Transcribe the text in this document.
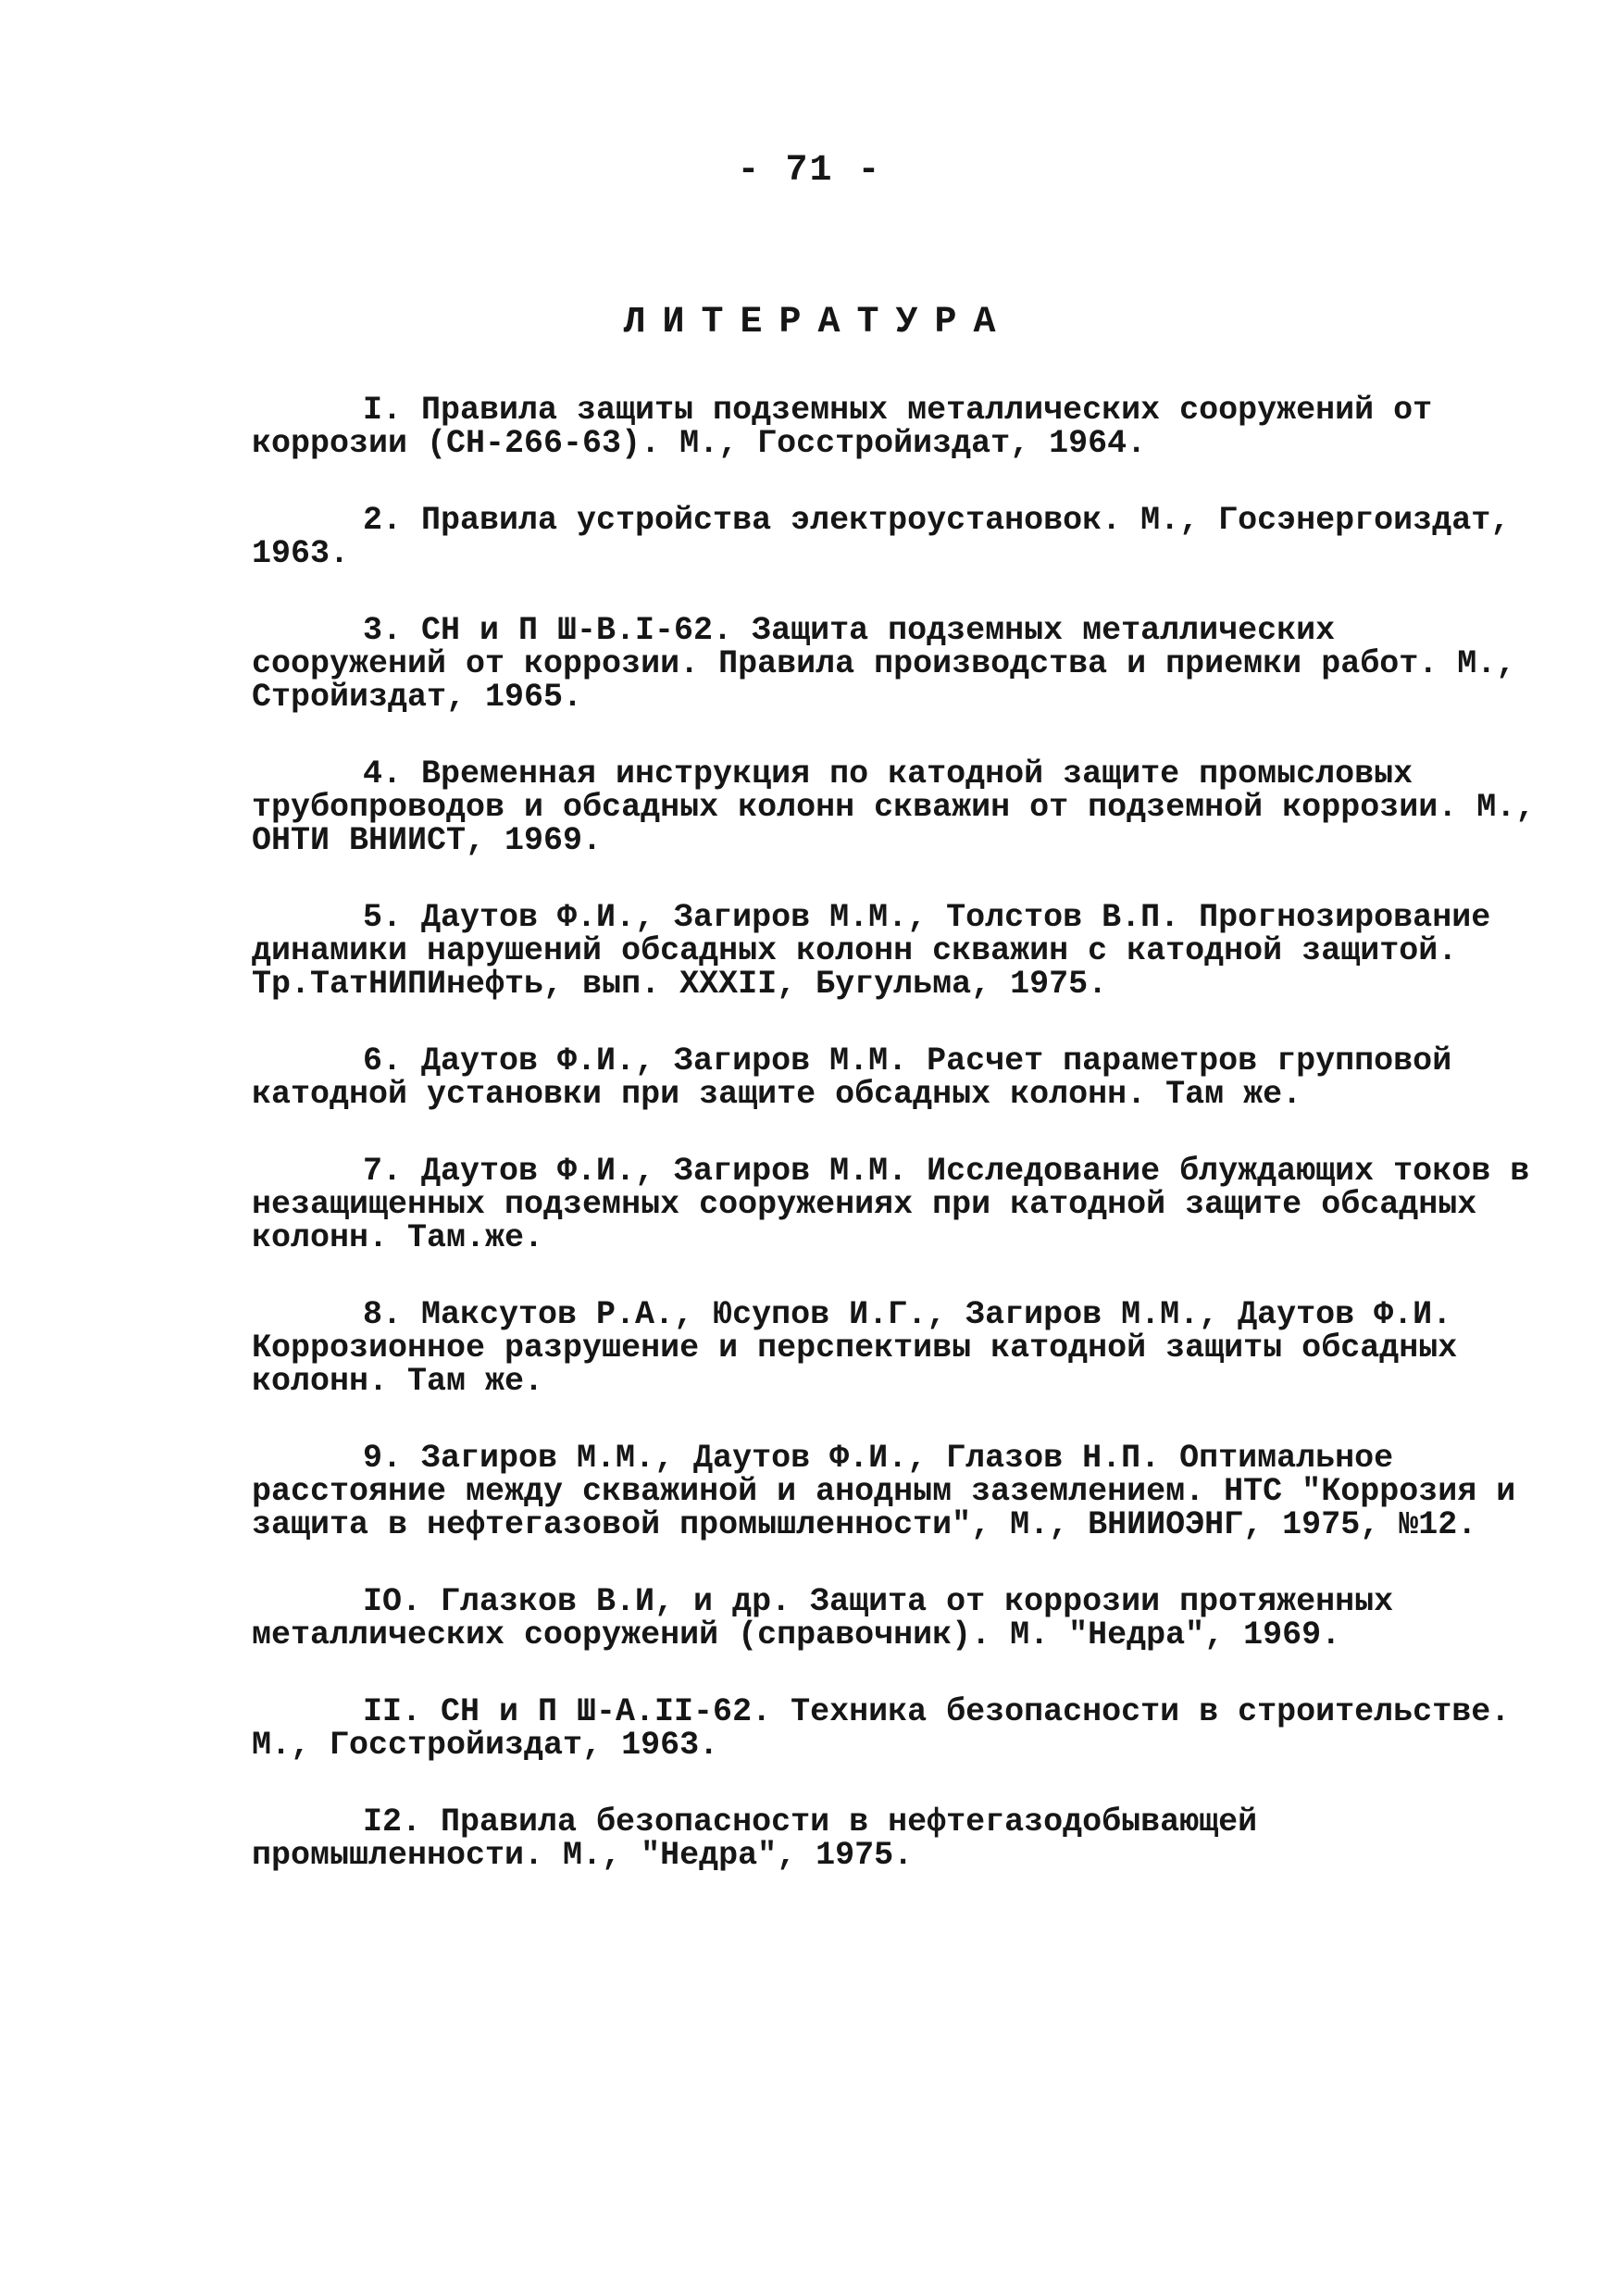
- 71 -
ЛИТЕРАТУРА
I. Правила защиты подземных металлических сооружений от коррозии (СН-266-63). М., Госстройиздат, 1964.
2. Правила устройства электроустановок. М., Госэнергоиздат, 1963.
3. СН и П Ш-В.I-62. Защита подземных металлических сооружений от коррозии. Правила производства и приемки работ. М., Стройиздат, 1965.
4. Временная инструкция по катодной защите промысловых трубопроводов и обсадных колонн скважин от подземной коррозии. М., ОНТИ ВНИИСТ, 1969.
5. Даутов Ф.И., Загиров М.М., Толстов В.П. Прогнозирование динамики нарушений обсадных колонн скважин с катодной защитой. Тр.ТатНИПИнефть, вып. XXXII, Бугульма, 1975.
6. Даутов Ф.И., Загиров М.М. Расчет параметров групповой катодной установки при защите обсадных колонн. Там же.
7. Даутов Ф.И., Загиров М.М. Исследование блуждающих токов в незащищенных подземных сооружениях при катодной защите обсадных колонн. Там.же.
8. Максутов Р.А., Юсупов И.Г., Загиров М.М., Даутов Ф.И. Коррозионное разрушение и перспективы катодной защиты обсадных колонн. Там же.
9. Загиров М.М., Даутов Ф.И., Глазов Н.П. Оптимальное расстояние между скважиной и анодным заземлением. НТС "Коррозия и защита в нефтегазовой промышленности", М., ВНИИОЭНГ, 1975, №12.
IO. Глазков В.И, и др. Защита от коррозии протяженных металлических сооружений (справочник). М. "Недра", 1969.
II. СН и П Ш-А.II-62. Техника безопасности в строительстве. М., Госстройиздат, 1963.
I2. Правила безопасности в нефтегазодобывающей промышленности. М., "Недра", 1975.
